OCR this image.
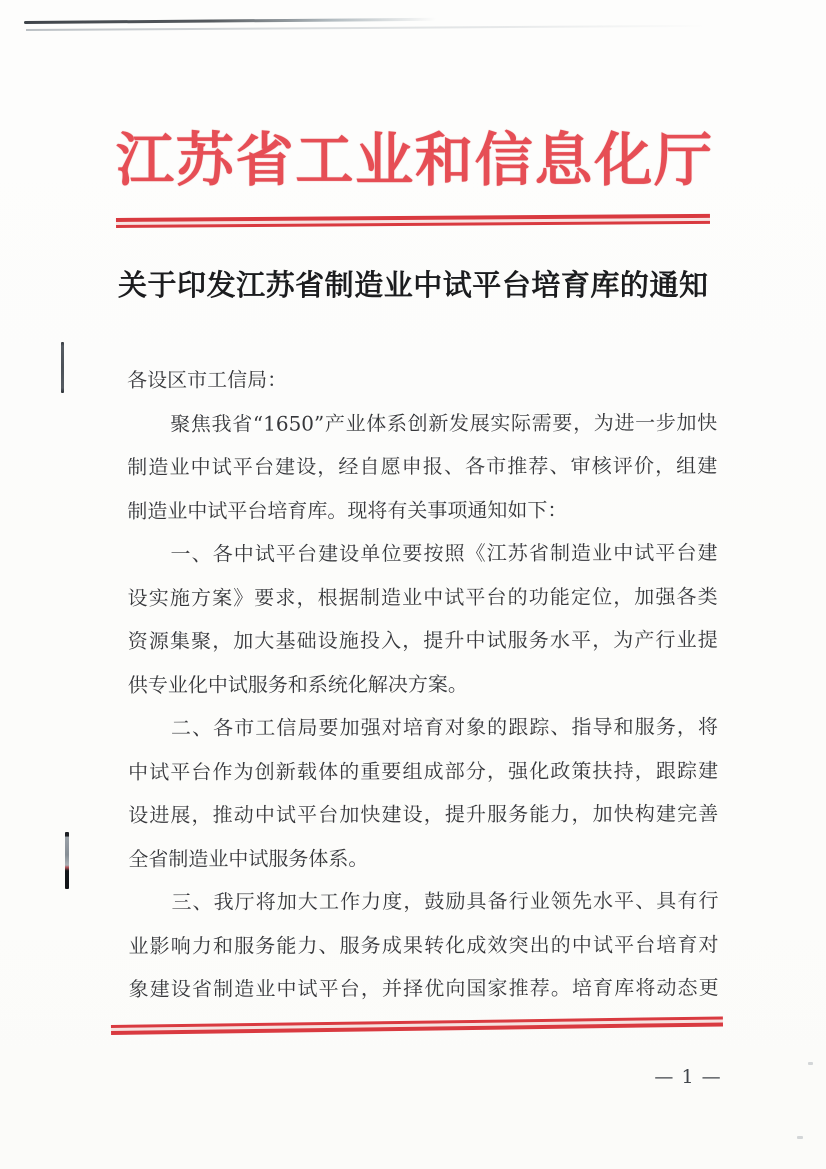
江苏省工业和信息化厅
关于印发江苏省制造业中试平台培育库的通知

各设区市工信局：

聚焦我省“1650”产业体系创新发展实际需要，为进一步加快

制造业中试平台建设，经自愿申报、各市推荐、审核评价，组建

制造业中试平台培育库。现将有关事项通知如下：

一、各中试平台建设单位要按照《江苏省制造业中试平台建

设实施方案》要求，根据制造业中试平台的功能定位，加强各类

资源集聚，加大基础设施投入，提升中试服务水平，为产行业提

供专业化中试服务和系统化解决方案。

二、各市工信局要加强对培育对象的跟踪、指导和服务，将

中试平台作为创新载体的重要组成部分，强化政策扶持，跟踪建

设进展，推动中试平台加快建设，提升服务能力，加快构建完善

全省制造业中试服务体系。

三、我厅将加大工作力度，鼓励具备行业领先水平、具有行

业影响力和服务能力、服务成果转化成效突出的中试平台培育对

象建设省制造业中试平台，并择优向国家推荐。培育库将动态更

— 1 —
